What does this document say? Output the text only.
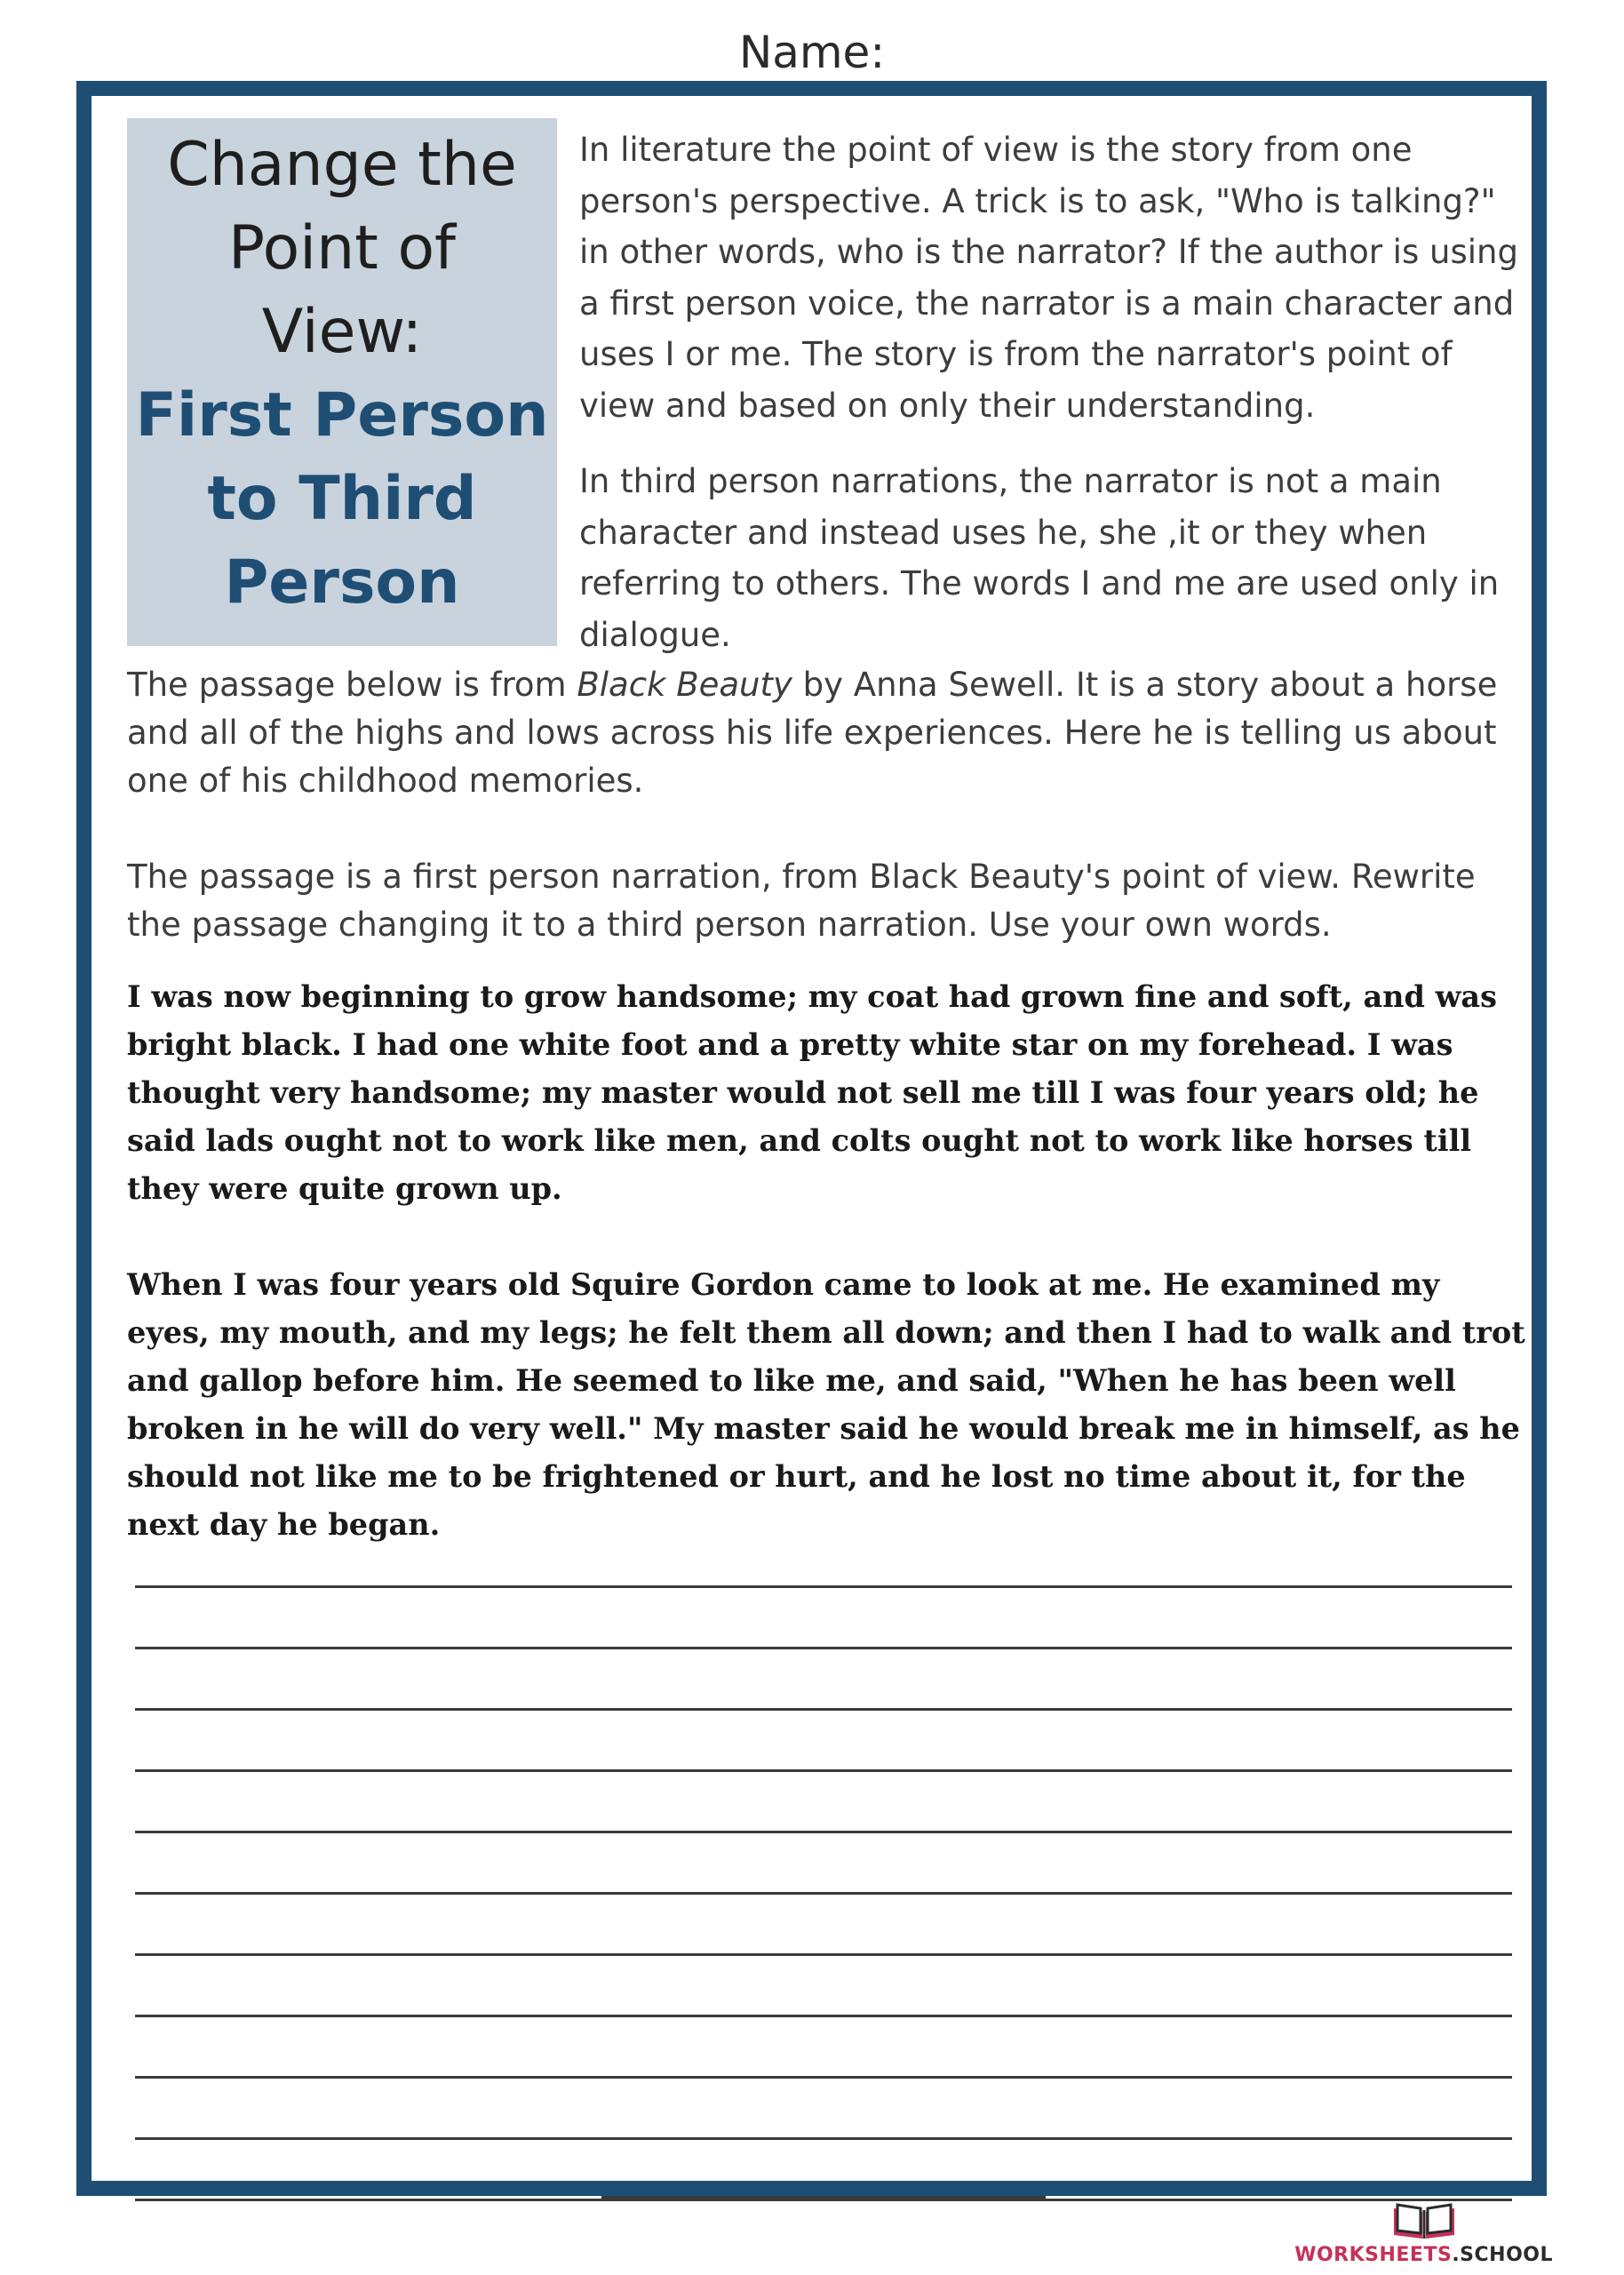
Name:
Change the
Point of
View:
First Person
to Third
Person

In literature the point of view is the story from one person's perspective. A trick is to ask, "Who is talking?" in other words, who is the narrator? If the author is using a first person voice, the narrator is a main character and uses I or me. The story is from the narrator's point of view and based on only their understanding.

In third person narrations, the narrator is not a main character and instead uses he, she ,it or they when referring to others. The words I and me are used only in dialogue.

The passage below is from Black Beauty by Anna Sewell. It is a story about a horse and all of the highs and lows across his life experiences. Here he is telling us about one of his childhood memories.

The passage is a first person narration, from Black Beauty's point of view. Rewrite the passage changing it to a third person narration. Use your own words.

I was now beginning to grow handsome; my coat had grown fine and soft, and was bright black. I had one white foot and a pretty white star on my forehead. I was thought very handsome; my master would not sell me till I was four years old; he said lads ought not to work like men, and colts ought not to work like horses till they were quite grown up.

When I was four years old Squire Gordon came to look at me. He examined my eyes, my mouth, and my legs; he felt them all down; and then I had to walk and trot and gallop before him. He seemed to like me, and said, "When he has been well broken in he will do very well." My master said he would break me in himself, as he should not like me to be frightened or hurt, and he lost no time about it, for the next day he began.

WORKSHEETS.SCHOOL
